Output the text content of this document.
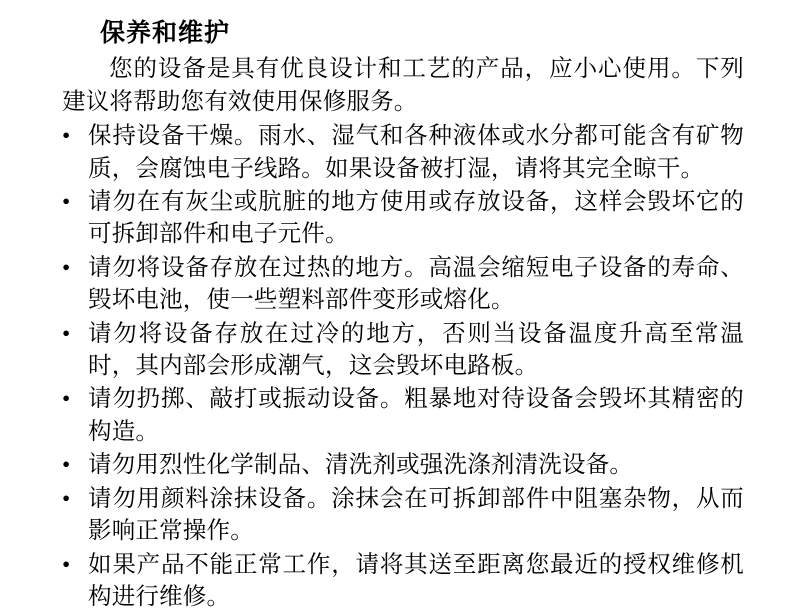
保养和维护

您的设备是具有优良设计和工艺的产品，应小心使用。下列建议将帮助您有效使用保修服务。

• 保持设备干燥。雨水、湿气和各种液体或水分都可能含有矿物质，会腐蚀电子线路。如果设备被打湿，请将其完全晾干。
• 请勿在有灰尘或肮脏的地方使用或存放设备，这样会毁坏它的可拆卸部件和电子元件。
• 请勿将设备存放在过热的地方。高温会缩短电子设备的寿命、毁坏电池，使一些塑料部件变形或熔化。
• 请勿将设备存放在过冷的地方，否则当设备温度升高至常温时，其内部会形成潮气，这会毁坏电路板。
• 请勿扔掷、敲打或振动设备。粗暴地对待设备会毁坏其精密的构造。
• 请勿用烈性化学制品、清洗剂或强洗涤剂清洗设备。
• 请勿用颜料涂抹设备。涂抹会在可拆卸部件中阻塞杂物，从而影响正常操作。
• 如果产品不能正常工作，请将其送至距离您最近的授权维修机构进行维修。
